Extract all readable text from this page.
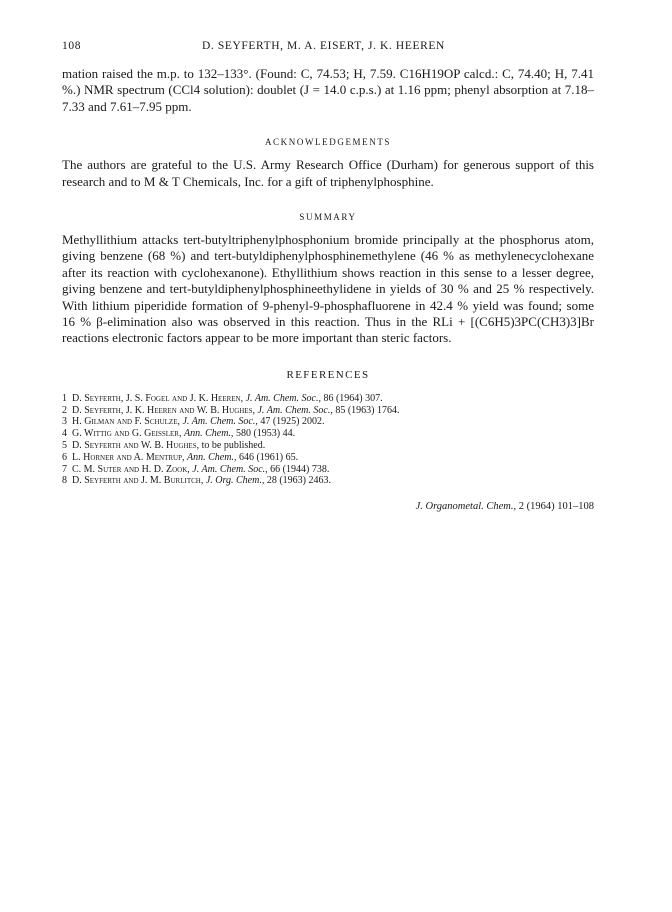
108	D. SEYFERTH, M. A. EISERT, J. K. HEEREN

mation raised the m.p. to 132–133°. (Found: C, 74.53; H, 7.59. C16H19OP calcd.: C, 74.40; H, 7.41 %.) NMR spectrum (CCl4 solution): doublet (J = 14.0 c.p.s.) at 1.16 ppm; phenyl absorption at 7.18–7.33 and 7.61–7.95 ppm.

ACKNOWLEDGEMENTS

The authors are grateful to the U.S. Army Research Office (Durham) for generous support of this research and to M & T Chemicals, Inc. for a gift of triphenylphosphine.

SUMMARY

Methyllithium attacks tert-butyltriphenylphosphonium bromide principally at the phosphorus atom, giving benzene (68 %) and tert-butyldiphenylphosphinemethylene (46 % as methylenecyclohexane after its reaction with cyclohexanone). Ethyllithium shows reaction in this sense to a lesser degree, giving benzene and tert-butyldiphenylphosphineethylidene in yields of 30 % and 25 % respectively. With lithium piperidide formation of 9-phenyl-9-phosphafluorene in 42.4 % yield was found; some 16 % β-elimination also was observed in this reaction. Thus in the RLi + [(C6H5)3PC(CH3)3]Br reactions electronic factors appear to be more important than steric factors.

REFERENCES
1 D. Seyferth, J. S. Fogel and J. K. Heeren, J. Am. Chem. Soc., 86 (1964) 307.
2 D. Seyferth, J. K. Heeren and W. B. Hughes, J. Am. Chem. Soc., 85 (1963) 1764.
3 H. Gilman and F. Schulze, J. Am. Chem. Soc., 47 (1925) 2002.
4 G. Wittig and G. Geissler, Ann. Chem., 580 (1953) 44.
5 D. Seyferth and W. B. Hughes, to be published.
6 L. Horner and A. Mentrup, Ann. Chem., 646 (1961) 65.
7 C. M. Suter and H. D. Zook, J. Am. Chem. Soc., 66 (1944) 738.
8 D. Seyferth and J. M. Burlitch, J. Org. Chem., 28 (1963) 2463.
J. Organometal. Chem., 2 (1964) 101–108
